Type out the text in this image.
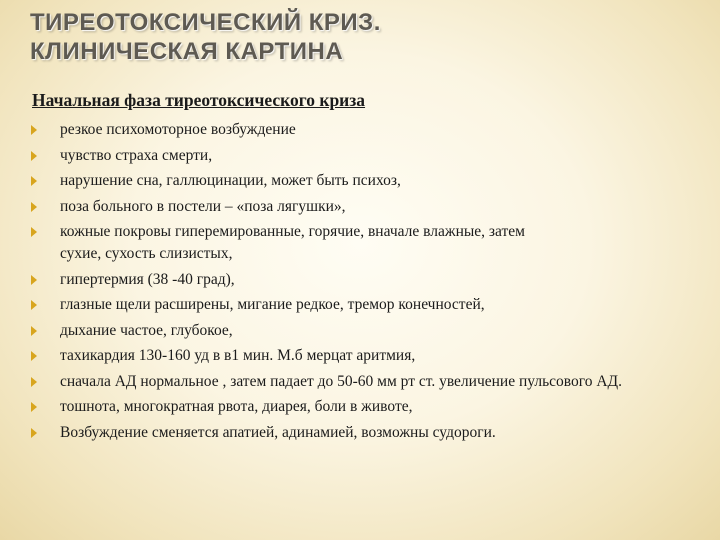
ТИРЕОТОКСИЧЕСКИЙ КРИЗ.
КЛИНИЧЕСКАЯ КАРТИНА
Начальная фаза тиреотоксического криза
резкое психомоторное возбуждение
чувство страха смерти,
нарушение сна, галлюцинации, может быть психоз,
поза больного в постели – «поза лягушки»,
кожные покровы гиперемированные, горячие, вначале влажные, затем
сухие, сухость слизистых,
гипертермия (38 -40 град),
глазные щели расширены, мигание редкое, тремор конечностей,
дыхание частое, глубокое,
тахикардия 130-160 уд в в1 мин. М.б мерцат аритмия,
сначала АД нормальное , затем падает до 50-60 мм рт ст. увеличение пульсового АД.
тошнота, многократная рвота, диарея, боли в животе,
Возбуждение сменяется апатией, адинамией, возможны судороги.
